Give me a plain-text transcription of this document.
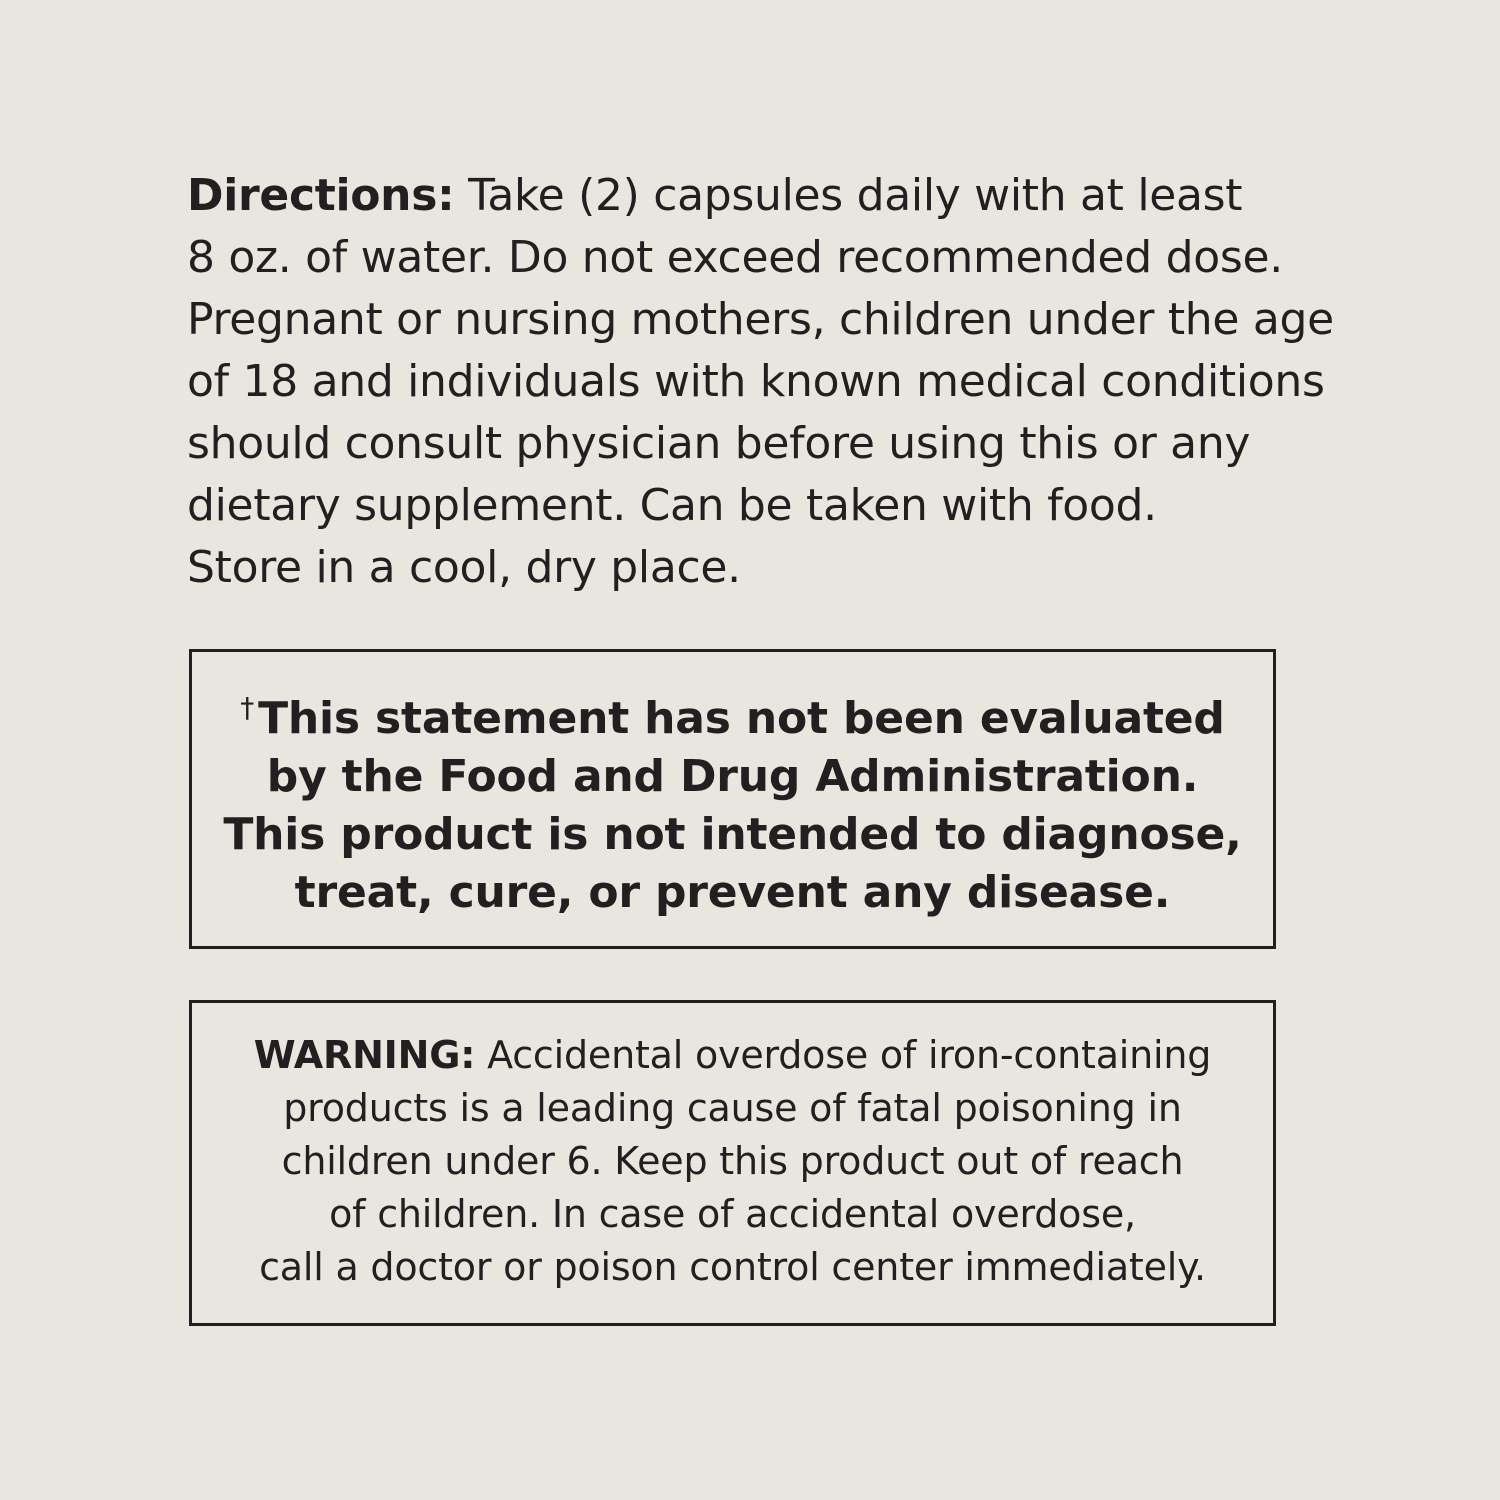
Directions: Take (2) capsules daily with at least
8 oz. of water. Do not exceed recommended dose.
Pregnant or nursing mothers, children under the age
of 18 and individuals with known medical conditions
should consult physician before using this or any
dietary supplement. Can be taken with food.
Store in a cool, dry place.
†This statement has not been evaluated
by the Food and Drug Administration.
This product is not intended to diagnose,
treat, cure, or prevent any disease.
WARNING: Accidental overdose of iron-containing
products is a leading cause of fatal poisoning in
children under 6. Keep this product out of reach
of children. In case of accidental overdose,
call a doctor or poison control center immediately.
